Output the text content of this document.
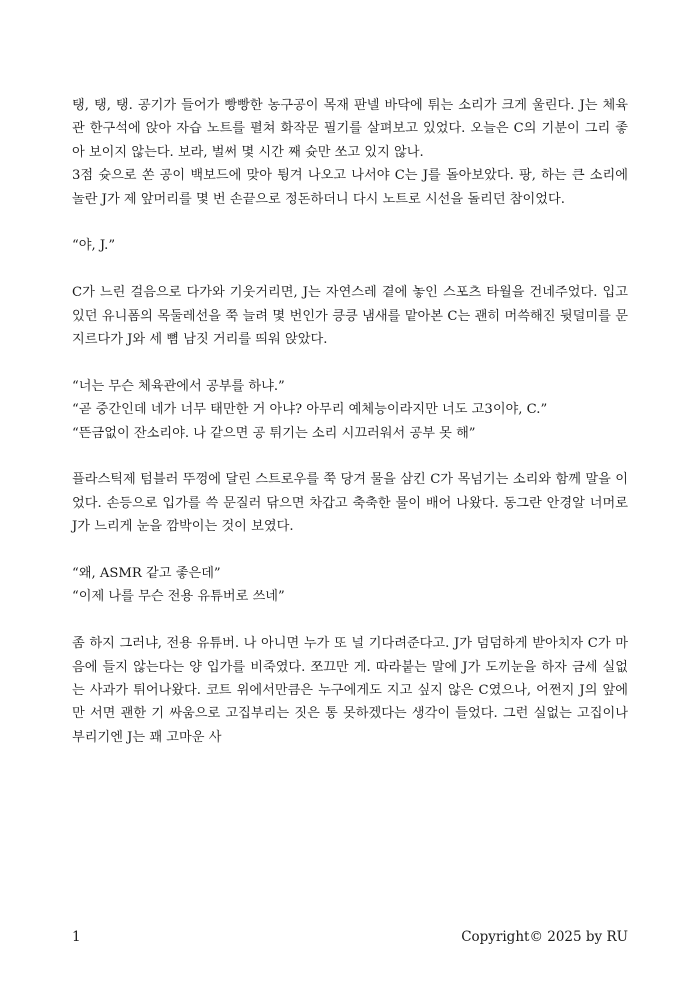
탱, 탱, 탱. 공기가 들어가 빵빵한 농구공이 목재 판넬 바닥에 튀는 소리가 크게 울린다. J는 체육관 한구석에 앉아 자습 노트를 펼쳐 화작문 필기를 살펴보고 있었다. 오늘은 C의 기분이 그리 좋아 보이지 않는다. 보라, 벌써 몇 시간 째 슛만 쏘고 있지 않나.

3점 슛으로 쏜 공이 백보드에 맞아 튕겨 나오고 나서야 C는 J를 돌아보았다. 팡, 하는 큰 소리에 놀란 J가 제 앞머리를 몇 번 손끝으로 정돈하더니 다시 노트로 시선을 돌리던 참이었다.

“야, J.”

C가 느린 걸음으로 다가와 기웃거리면, J는 자연스레 곁에 놓인 스포츠 타월을 건네주었다. 입고 있던 유니폼의 목둘레선을 쭉 늘려 몇 번인가 킁킁 냄새를 맡아본 C는 괜히 머쓱해진 뒷덜미를 문지르다가 J와 세 뼘 남짓 거리를 띄워 앉았다.

“너는 무슨 체육관에서 공부를 하냐.”

“곧 중간인데 네가 너무 태만한 거 아냐? 아무리 예체능이라지만 너도 고3이야, C.”

“뜬금없이 잔소리야. 나 같으면 공 튀기는 소리 시끄러워서 공부 못 해”

플라스틱제 텀블러 뚜껑에 달린 스트로우를 쭉 당겨 물을 삼킨 C가 목넘기는 소리와 함께 말을 이었다. 손등으로 입가를 쓱 문질러 닦으면 차갑고 축축한 물이 배어 나왔다. 동그란 안경알 너머로 J가 느리게 눈을 깜박이는 것이 보였다.

“왜, ASMR 같고 좋은데”

“이제 나를 무슨 전용 유튜버로 쓰네”

좀 하지 그러냐, 전용 유튜버. 나 아니면 누가 또 널 기다려준다고. J가 덤덤하게 받아치자 C가 마음에 들지 않는다는 양 입가를 비죽였다. 쪼끄만 게. 따라붙는 말에 J가 도끼눈을 하자 금세 실없는 사과가 튀어나왔다. 코트 위에서만큼은 누구에게도 지고 싶지 않은 C였으나, 어쩐지 J의 앞에만 서면 괜한 기 싸움으로 고집부리는 짓은 통 못하겠다는 생각이 들었다. 그런 실없는 고집이나 부리기엔 J는 꽤 고마운 사

1	Copyright© 2025 by RU
